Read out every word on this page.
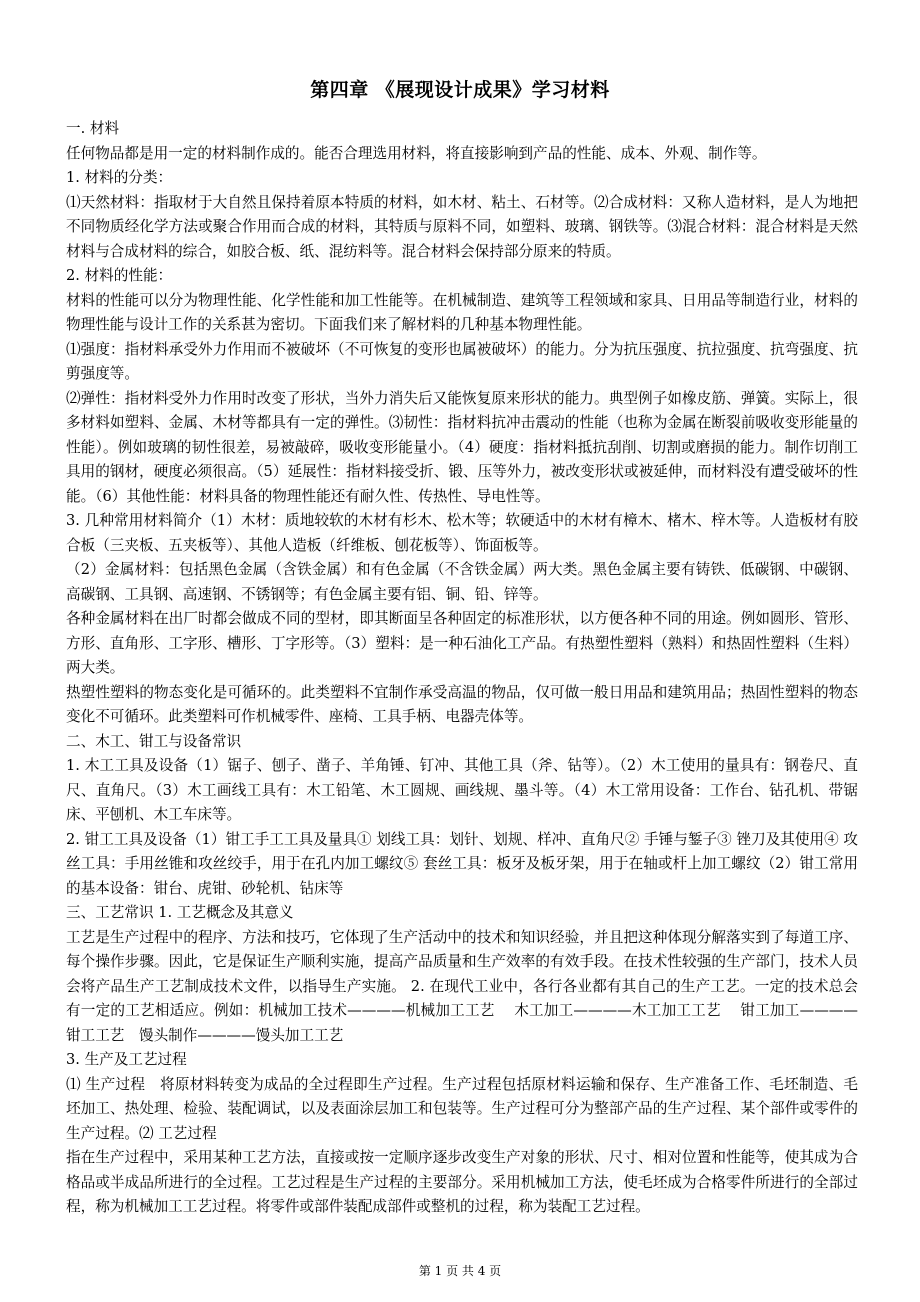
第四章 《展现设计成果》学习材料

一. 材料

任何物品都是用一定的材料制作成的。能否合理选用材料，将直接影响到产品的性能、成本、外观、制作等。

1. 材料的分类：

⑴天然材料：指取材于大自然且保持着原本特质的材料，如木材、粘土、石材等。⑵合成材料：又称人造材料，是人为地把不同物质经化学方法或聚合作用而合成的材料，其特质与原料不同，如塑料、玻璃、钢铁等。⑶混合材料：混合材料是天然材料与合成材料的综合，如胶合板、纸、混纺料等。混合材料会保持部分原来的特质。

2. 材料的性能：

材料的性能可以分为物理性能、化学性能和加工性能等。在机械制造、建筑等工程领域和家具、日用品等制造行业，材料的物理性能与设计工作的关系甚为密切。下面我们来了解材料的几种基本物理性能。

⑴强度：指材料承受外力作用而不被破坏（不可恢复的变形也属被破坏）的能力。分为抗压强度、抗拉强度、抗弯强度、抗剪强度等。

⑵弹性：指材料受外力作用时改变了形状，当外力消失后又能恢复原来形状的能力。典型例子如橡皮筋、弹簧。实际上，很多材料如塑料、金属、木材等都具有一定的弹性。⑶韧性：指材料抗冲击震动的性能（也称为金属在断裂前吸收变形能量的性能）。例如玻璃的韧性很差，易被敲碎，吸收变形能量小。（4）硬度：指材料抵抗刮削、切割或磨损的能力。制作切削工具用的钢材，硬度必须很高。（5）延展性：指材料接受折、锻、压等外力，被改变形状或被延伸，而材料没有遭受破坏的性能。（6）其他性能：材料具备的物理性能还有耐久性、传热性、导电性等。

3. 几种常用材料简介（1）木材：质地较软的木材有杉木、松木等；软硬适中的木材有樟木、楮木、梓木等。人造板材有胶合板（三夹板、五夹板等）、其他人造板（纤维板、刨花板等）、饰面板等。

（2）金属材料：包括黑色金属（含铁金属）和有色金属（不含铁金属）两大类。黑色金属主要有铸铁、低碳钢、中碳钢、高碳钢、工具钢、高速钢、不锈钢等；有色金属主要有铝、铜、铅、锌等。

各种金属材料在出厂时都会做成不同的型材，即其断面呈各种固定的标准形状，以方便各种不同的用途。例如圆形、管形、方形、直角形、工字形、槽形、丁字形等。（3）塑料：是一种石油化工产品。有热塑性塑料（熟料）和热固性塑料（生料）两大类。

热塑性塑料的物态变化是可循环的。此类塑料不宜制作承受高温的物品，仅可做一般日用品和建筑用品；热固性塑料的物态变化不可循环。此类塑料可作机械零件、座椅、工具手柄、电器壳体等。

二、木工、钳工与设备常识

1. 木工工具及设备（1）锯子、刨子、凿子、羊角锤、钉冲、其他工具（斧、钻等）。（2）木工使用的量具有：钢卷尺、直尺、直角尺。（3）木工画线工具有：木工铅笔、木工圆规、画线规、墨斗等。（4）木工常用设备：工作台、钻孔机、带锯床、平刨机、木工车床等。

2. 钳工工具及设备（1）钳工手工工具及量具① 划线工具：划针、划规、样冲、直角尺② 手锤与錾子③ 锉刀及其使用④ 攻丝工具：手用丝锥和攻丝绞手，用于在孔内加工螺纹⑤ 套丝工具：板牙及板牙架，用于在轴或杆上加工螺纹（2）钳工常用的基本设备：钳台、虎钳、砂轮机、钻床等

三、工艺常识 1. 工艺概念及其意义

工艺是生产过程中的程序、方法和技巧，它体现了生产活动中的技术和知识经验，并且把这种体现分解落实到了每道工序、每个操作步骤。因此，它是保证生产顺利实施，提高产品质量和生产效率的有效手段。在技术性较强的生产部门，技术人员会将产品生产工艺制成技术文件，以指导生产实施。 2. 在现代工业中，各行各业都有其自己的生产工艺。一定的技术总会有一定的工艺相适应。例如：机械加工技术————机械加工工艺　 木工加工————木工加工工艺　 钳工加工————钳工工艺　馒头制作————馒头加工工艺

3. 生产及工艺过程

⑴ 生产过程　将原材料转变为成品的全过程即生产过程。生产过程包括原材料运输和保存、生产准备工作、毛坯制造、毛坯加工、热处理、检验、装配调试，以及表面涂层加工和包装等。生产过程可分为整部产品的生产过程、某个部件或零件的生产过程。⑵ 工艺过程

指在生产过程中，采用某种工艺方法，直接或按一定顺序逐步改变生产对象的形状、尺寸、相对位置和性能等，使其成为合格品或半成品所进行的全过程。工艺过程是生产过程的主要部分。采用机械加工方法，使毛坯成为合格零件所进行的全部过程，称为机械加工工艺过程。将零件或部件装配成部件或整机的过程，称为装配工艺过程。

第 1 页 共 4 页
